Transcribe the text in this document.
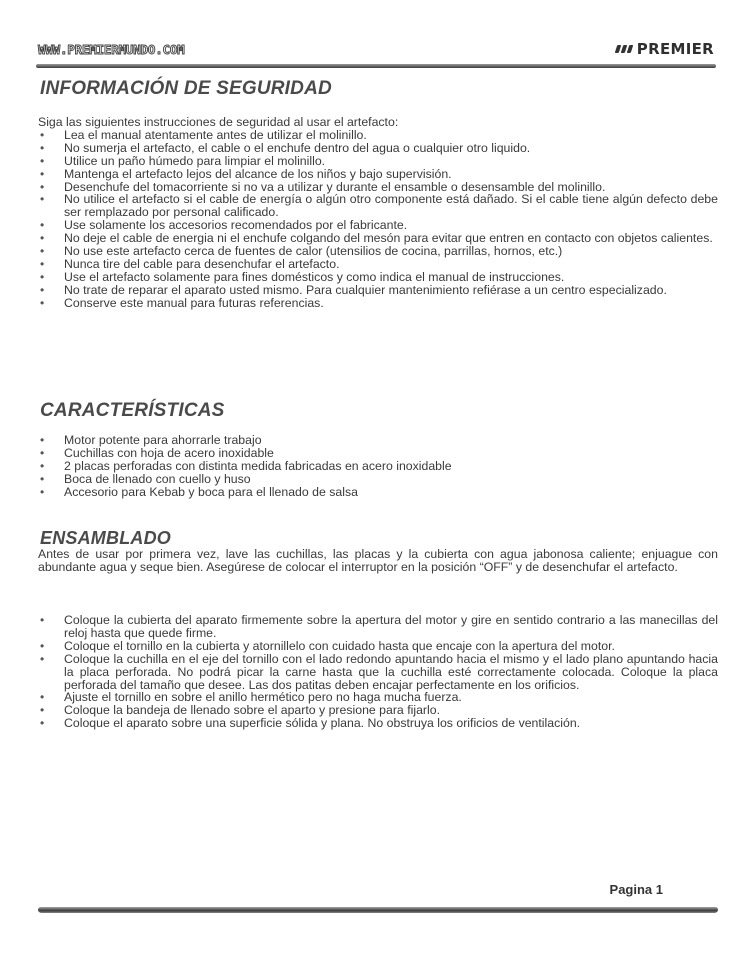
WWW.PREMIERMUNDO.COM	PREMIER
INFORMACIÓN DE SEGURIDAD

Siga las siguientes instrucciones de seguridad al usar el artefacto:

• Lea el manual atentamente antes de utilizar el molinillo.
• No sumerja el artefacto, el cable o el enchufe dentro del agua o cualquier otro liquido.
• Utilice un paño húmedo para limpiar el molinillo.
• Mantenga el artefacto lejos del alcance de los niños y bajo supervisión.
• Desenchufe del tomacorriente si no va a utilizar y durante el ensamble o desensamble del molinillo.
• No utilice el artefacto si el cable de energía o algún otro componente está dañado. Si el cable tiene algún defecto debe ser remplazado por personal calificado.
• Use solamente los accesorios recomendados por el fabricante.
• No deje el cable de energia ni el enchufe colgando del mesón para evitar que entren en contacto con objetos calientes.
• No use este artefacto cerca de fuentes de calor (utensilios de cocina, parrillas, hornos, etc.)
• Nunca tire del cable para desenchufar el artefacto.
• Use el artefacto solamente para fines domésticos y como indica el manual de instrucciones.
• No trate de reparar el aparato usted mismo. Para cualquier mantenimiento refiérase a un centro especializado.
• Conserve este manual para futuras referencias.
CARACTERÍSTICAS
• Motor potente para ahorrarle trabajo
• Cuchillas con hoja de acero inoxidable
• 2 placas perforadas con distinta medida fabricadas en acero inoxidable
• Boca de llenado con cuello y huso
• Accesorio para Kebab y boca para el llenado de salsa
ENSAMBLADO

Antes de usar por primera vez, lave las cuchillas, las placas y la cubierta con agua jabonosa caliente; enjuague con abundante agua y seque bien. Asegúrese de colocar el interruptor en la posición “OFF” y de desenchufar el artefacto.

• Coloque la cubierta del aparato firmemente sobre la apertura del motor y gire en sentido contrario a las manecillas del reloj hasta que quede firme.
• Coloque el tornillo en la cubierta y atornillelo con cuidado hasta que encaje con la apertura del motor.
• Coloque la cuchilla en el eje del tornillo con el lado redondo apuntando hacia el mismo y el lado plano apuntando hacia la placa perforada. No podrá picar la carne hasta que la cuchilla esté correctamente colocada. Coloque la placa perforada del tamaño que desee. Las dos patitas deben encajar perfectamente en los orificios.
• Ajuste el tornillo en sobre el anillo hermético pero no haga mucha fuerza.
• Coloque la bandeja de llenado sobre el aparto y presione para fijarlo.
• Coloque el aparato sobre una superficie sólida y plana. No obstruya los orificios de ventilación.
Pagina 1
